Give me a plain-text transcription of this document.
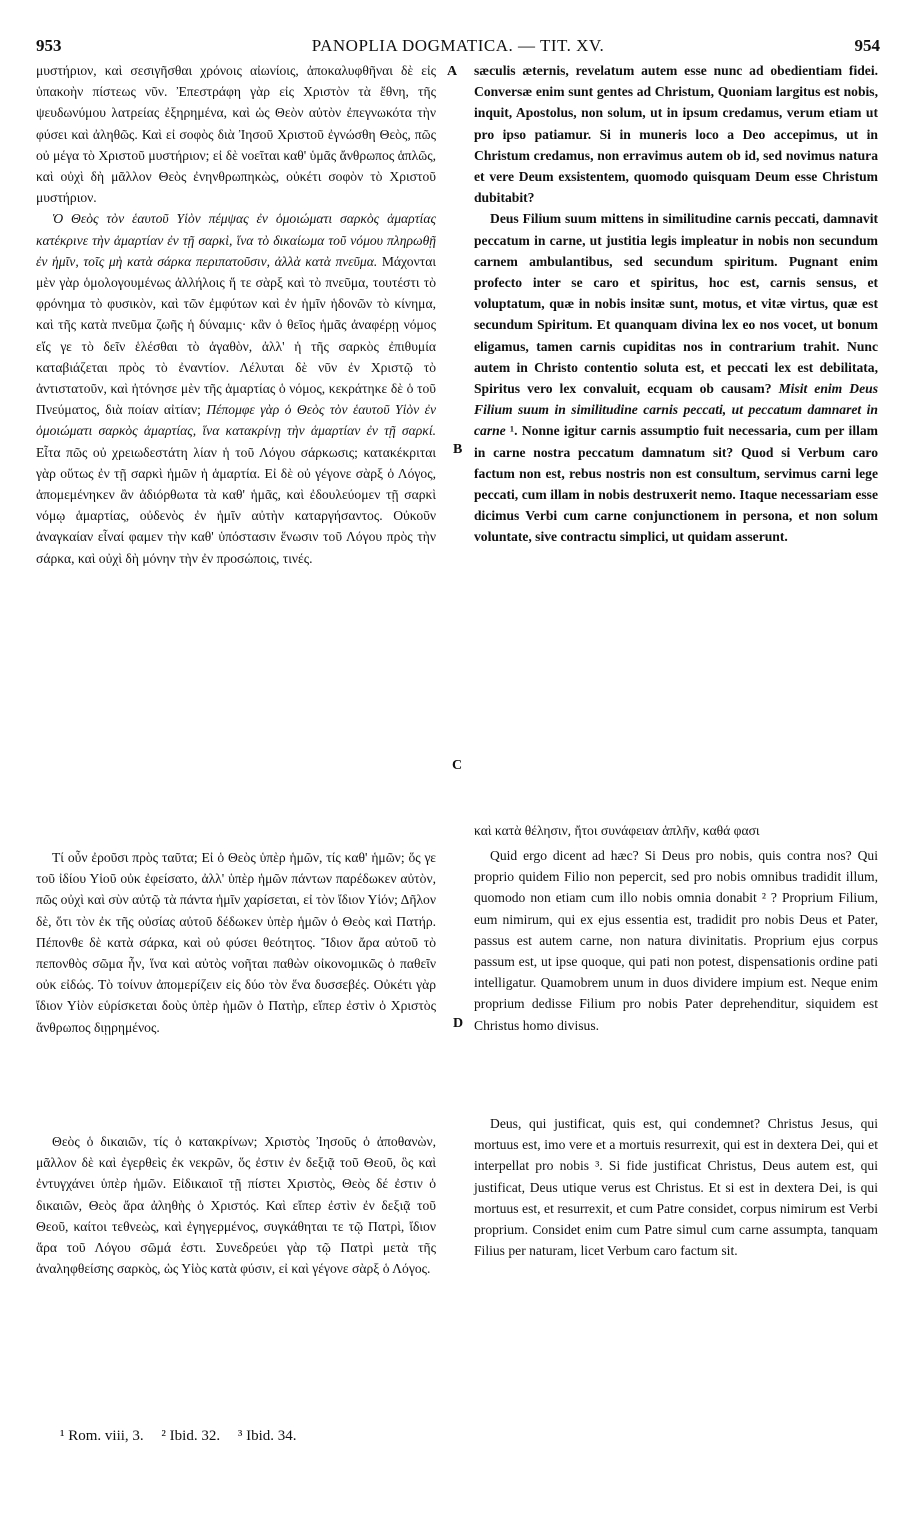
953	PANOPLIA DOGMATICA. — TIT. XV.	954
A
B
C
D

μυστήριον, καὶ σεσιγῆσθαι χρόνοις αἰωνίοις, ἀποκαλυφθῆναι δὲ εἰς ὑπακοὴν πίστεως νῦν. Ἐπεστράφη γὰρ εἰς Χριστὸν τὰ ἔθνη, τῆς ψευδωνύμου λατρείας ἐξηρημένα, καὶ ὡς Θεὸν αὐτὸν ἐπεγνωκότα τὴν φύσει καὶ ἀληθῶς. Καὶ εἰ σοφὸς διὰ Ἰησοῦ Χριστοῦ ἐγνώσθη Θεὸς, πῶς οὐ μέγα τὸ Χριστοῦ μυστήριον; εἰ δὲ νοεῖται καθ' ὑμᾶς ἄνθρωπος ἁπλῶς, καὶ οὐχὶ δὴ μᾶλλον Θεὸς ἐνηνθρωπηκὼς, οὐκέτι σοφὸν τὸ Χριστοῦ μυστήριον.

Ὁ Θεὸς τὸν ἑαυτοῦ Υἱὸν πέμψας ἐν ὁμοιώματι σαρκὸς ἁμαρτίας κατέκρινε τὴν ἁμαρτίαν ἐν τῇ σαρκὶ, ἵνα τὸ δικαίωμα τοῦ νόμου πληρωθῇ ἐν ἡμῖν, τοῖς μὴ κατὰ σάρκα περιπατοῦσιν, ἀλλὰ κατὰ πνεῦμα. Μάχονται μὲν γὰρ ὁμολογουμένως ἀλλήλοις ἥ τε σὰρξ καὶ τὸ πνεῦμα, τουτέστι τὸ φρόνημα τὸ φυσικὸν, καὶ τῶν ἐμφύτων καὶ ἐν ἡμῖν ἡδονῶν τὸ κίνημα, καὶ τῆς κατὰ πνεῦμα ζωῆς ἡ δύναμις· κἂν ὁ θεῖος ἡμᾶς ἀναφέρῃ νόμος εἴς γε τὸ δεῖν ἑλέσθαι τὸ ἀγαθὸν, ἀλλ' ἡ τῆς σαρκὸς ἐπιθυμία καταβιάζεται πρὸς τὸ ἐναντίον. Λέλυται δὲ νῦν ἐν Χριστῷ τὸ ἀντιστατοῦν, καὶ ἠτόνησε μὲν τῆς ἁμαρτίας ὁ νόμος, κεκράτηκε δὲ ὁ τοῦ Πνεύματος, διὰ ποίαν αἰτίαν; Πέπομφε γὰρ ὁ Θεὸς τὸν ἑαυτοῦ Υἱὸν ἐν ὁμοιώματι σαρκὸς ἁμαρτίας, ἵνα κατακρίνῃ τὴν ἁμαρτίαν ἐν τῇ σαρκί. Εἶτα πῶς οὐ χρειωδεστάτη λίαν ἡ τοῦ Λόγου σάρκωσις; κατακέκριται γὰρ οὕτως ἐν τῇ σαρκὶ ἡμῶν ἡ ἁμαρτία. Εἰ δὲ οὐ γέγονε σὰρξ ὁ Λόγος, ἀπομεμένηκεν ἂν ἀδιόρθωτα τὰ καθ' ἡμᾶς, καὶ ἐδουλεύομεν τῇ σαρκὶ νόμῳ ἁμαρτίας, οὐδενὸς ἐν ἡμῖν αὐτὴν καταργήσαντος. Οὐκοῦν ἀναγκαίαν εἶναί φαμεν τὴν καθ' ὑπόστασιν ἕνωσιν τοῦ Λόγου πρὸς τὴν σάρκα, καὶ οὐχὶ δὴ μόνην τὴν ἐν προσώποις, τινές.

Τί οὖν ἐροῦσι πρὸς ταῦτα; Εἰ ὁ Θεὸς ὑπὲρ ἡμῶν, τίς καθ' ἡμῶν; ὅς γε τοῦ ἰδίου Υἱοῦ οὐκ ἐφείσατο, ἀλλ' ὑπὲρ ἡμῶν πάντων παρέδωκεν αὐτὸν, πῶς οὐχὶ καὶ σὺν αὐτῷ τὰ πάντα ἡμῖν χαρίσεται, εἰ τὸν ἴδιον Υἱόν; Δῆλον δὲ, ὅτι τὸν ἐκ τῆς οὐσίας αὐτοῦ δέδωκεν ὑπὲρ ἡμῶν ὁ Θεὸς καὶ Πατήρ. Πέπονθε δὲ κατὰ σάρκα, καὶ οὐ φύσει θεότητος. Ἴδιον ἄρα αὐτοῦ τὸ πεπονθὸς σῶμα ἦν, ἵνα καὶ αὐτὸς νοῆται παθὼν οἰκονομικῶς ὁ παθεῖν οὐκ εἰδώς. Τὸ τοίνυν ἀπομερίζειν εἰς δύο τὸν ἕνα δυσσεβές. Οὐκέτι γὰρ ἴδιον Υἱὸν εὑρίσκεται δοὺς ὑπὲρ ἡμῶν ὁ Πατὴρ, εἴπερ ἐστὶν ὁ Χριστὸς ἄνθρωπος διῃρημένος.

Θεὸς ὁ δικαιῶν, τίς ὁ κατακρίνων; Χριστὸς Ἰησοῦς ὁ ἀποθανὼν, μᾶλλον δὲ καὶ ἐγερθεὶς ἐκ νεκρῶν, ὅς ἐστιν ἐν δεξιᾷ τοῦ Θεοῦ, ὃς καὶ ἐντυγχάνει ὑπὲρ ἡμῶν. Εἰδικαιοῖ τῇ πίστει Χριστὸς, Θεὸς δέ ἐστιν ὁ δικαιῶν, Θεὸς ἄρα ἀληθὴς ὁ Χριστός. Καὶ εἴπερ ἐστὶν ἐν δεξιᾷ τοῦ Θεοῦ, καίτοι τεθνεὼς, καὶ ἐγηγερμένος, συγκάθηται τε τῷ Πατρὶ, ἴδιον ἄρα τοῦ Λόγου σῶμά ἐστι. Συνεδρεύει γὰρ τῷ Πατρὶ μετὰ τῆς ἀναληφθείσης σαρκὸς, ὡς Υἱὸς κατὰ φύσιν, εἰ καὶ γέγονε σὰρξ ὁ Λόγος.

sæculis æternis, revelatum autem esse nunc ad obedientiam fidei. Conversæ enim sunt gentes ad Christum, Quoniam largitus est nobis, inquit, Apostolus, non solum, ut in ipsum credamus, verum etiam ut pro ipso patiamur. Si in muneris loco a Deo accepimus, ut in Christum credamus, non erravimus autem ob id, sed novimus natura et vere Deum exsistentem, quomodo quisquam Deum esse Christum dubitabit?

Deus Filium suum mittens in similitudine carnis peccati, damnavit peccatum in carne, ut justitia legis impleatur in nobis non secundum carnem ambulantibus, sed secundum spiritum. Pugnant enim profecto inter se caro et spiritus, hoc est, carnis sensus, et voluptatum, quæ in nobis insitæ sunt, motus, et vitæ virtus, quæ est secundum Spiritum. Et quanquam divina lex eo nos vocet, ut bonum eligamus, tamen carnis cupiditas nos in contrarium trahit. Nunc autem in Christo contentio soluta est, et peccati lex est debilitata, Spiritus vero lex convaluit, ecquam ob causam? Misit enim Deus Filium suum in similitudine carnis peccati, ut peccatum damnaret in carne ¹. Nonne igitur carnis assumptio fuit necessaria, cum per illam in carne nostra peccatum damnatum sit? Quod si Verbum caro factum non est, rebus nostris non est consultum, servimus carni lege peccati, cum illam in nobis destruxerit nemo. Itaque necessariam esse dicimus Verbi cum carne conjunctionem in persona, et non solum voluntate, sive contractu simplici, ut quidam asserunt.

καὶ κατὰ θέλησιν, ἤτοι συνάφειαν ἁπλῆν, καθά φασι

Quid ergo dicent ad hæc? Si Deus pro nobis, quis contra nos? Qui proprio quidem Filio non pepercit, sed pro nobis omnibus tradidit illum, quomodo non etiam cum illo nobis omnia donabit ² ? Proprium Filium, eum nimirum, qui ex ejus essentia est, tradidit pro nobis Deus et Pater, passus est autem carne, non natura divinitatis. Proprium ejus corpus passum est, ut ipse quoque, qui pati non potest, dispensationis ordine pati intelligatur. Quamobrem unum in duos dividere impium est. Neque enim proprium dedisse Filium pro nobis Pater deprehenditur, siquidem est Christus homo divisus.

Deus, qui justificat, quis est, qui condemnet? Christus Jesus, qui mortuus est, imo vere et a mortuis resurrexit, qui est in dextera Dei, qui et interpellat pro nobis ³. Si fide justificat Christus, Deus autem est, qui justificat, Deus utique verus est Christus. Et si est in dextera Dei, is qui mortuus est, et resurrexit, et cum Patre considet, corpus nimirum est Verbi proprium. Considet enim cum Patre simul cum carne assumpta, tanquam Filius per naturam, licet Verbum caro factum sit.

¹ Rom. viii, 3. ² Ibid. 32. ³ Ibid. 34.
